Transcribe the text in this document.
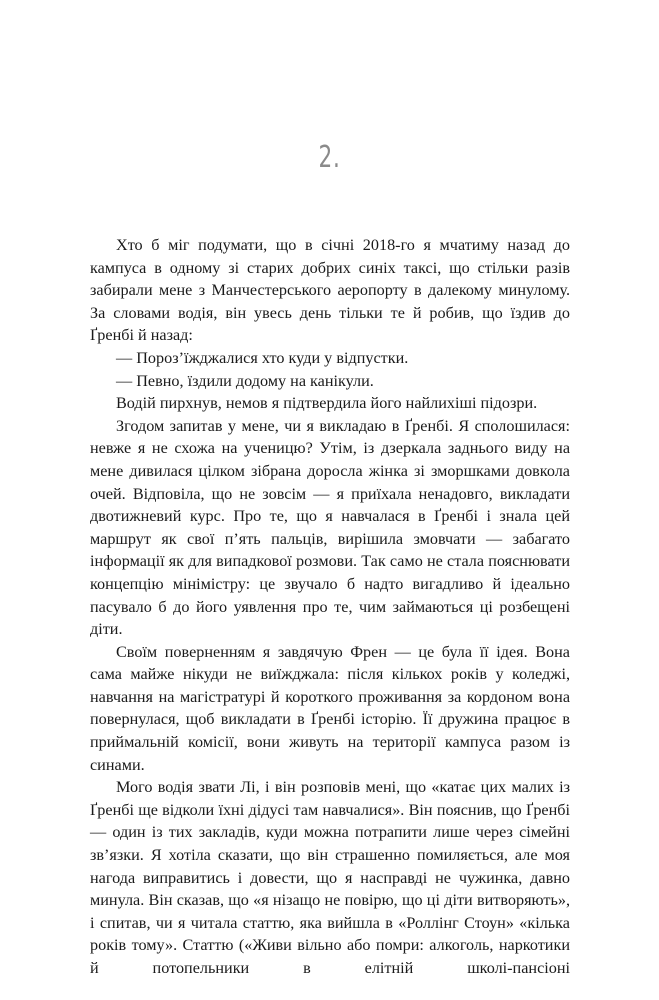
2.

Хто б міг подумати, що в січні 2018-го я мчатиму назад до кампуса в одному зі старих добрих синіх таксі, що стільки разів забирали мене з Манчестерського аеропорту в далекому минулому. За словами водія, він увесь день тільки те й робив, що їздив до Ґренбі й назад:

— Порозʼїжджалися хто куди у відпустки.

— Певно, їздили додому на канікули.

Водій пирхнув, немов я підтвердила його найлихіші підозри.

Згодом запитав у мене, чи я викладаю в Ґренбі. Я сполошилася: невже я не схожа на ученицю? Утім, із дзеркала заднього виду на мене дивилася цілком зібрана доросла жінка зі зморшками довкола очей. Відповіла, що не зовсім — я приїхала ненадовго, викладати двотижневий курс. Про те, що я навчалася в Ґренбі і знала цей маршрут як свої пʼять пальців, вирішила змовчати — забагато інформації як для випадкової розмови. Так само не стала пояснювати концепцію мінімістру: це звучало б надто вигадливо й ідеально пасувало б до його уявлення про те, чим займаються ці розбещені діти.

Своїм поверненням я завдячую Френ — це була її ідея. Вона сама майже нікуди не виїжджала: після кількох років у коледжі, навчання на магістратурі й короткого проживання за кордоном вона повернулася, щоб викладати в Ґренбі історію. Її дружина працює в приймальній комісії, вони живуть на території кампуса разом із синами.

Мого водія звати Лі, і він розповів мені, що «катає цих малих із Ґренбі ще відколи їхні дідусі там навчалися». Він пояснив, що Ґренбі — один із тих закладів, куди можна потрапити лише через сімейні звʼязки. Я хотіла сказати, що він страшенно помиляється, але моя нагода виправитись і довести, що я насправді не чужинка, давно минула. Він сказав, що «я нізащо не повірю, що ці діти витворяють», і спитав, чи я читала статтю, яка вийшла в «Роллінг Стоун» «кілька років тому». Статтю («Живи вільно або помри: алкоголь, наркотики й потопельники в елітній школі-пансіоні
